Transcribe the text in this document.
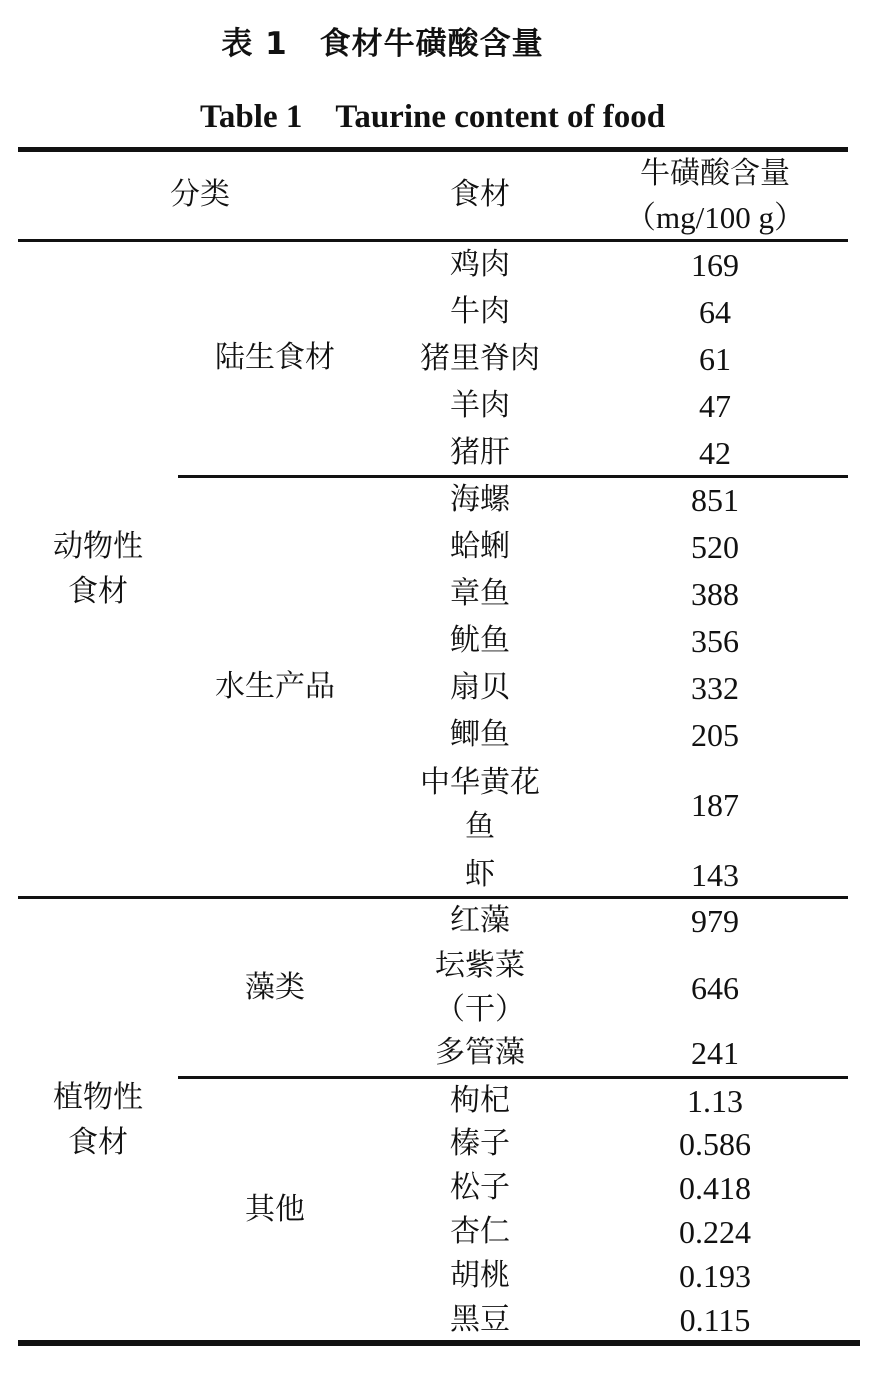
表 1　食材牛磺酸含量
Table 1　Taurine content of food
分类	食材
牛磺酸含量
（mg/100 g）
动物性
食材
植物性
食材
陆生食材
水生产品
藻类
其他
鸡肉
牛肉
猪里脊肉
羊肉
猪肝
海螺
蛤蜊
章鱼
鱿鱼
扇贝
鲫鱼
中华黄花
鱼
虾
红藻
坛紫菜
（干）
多管藻
枸杞
榛子
松子
杏仁
胡桃
黑豆
169
64
61
47
42
851
520
388
356
332
205
187
143
979
646
241
1.13
0.586
0.418
0.224
0.193
0.115
